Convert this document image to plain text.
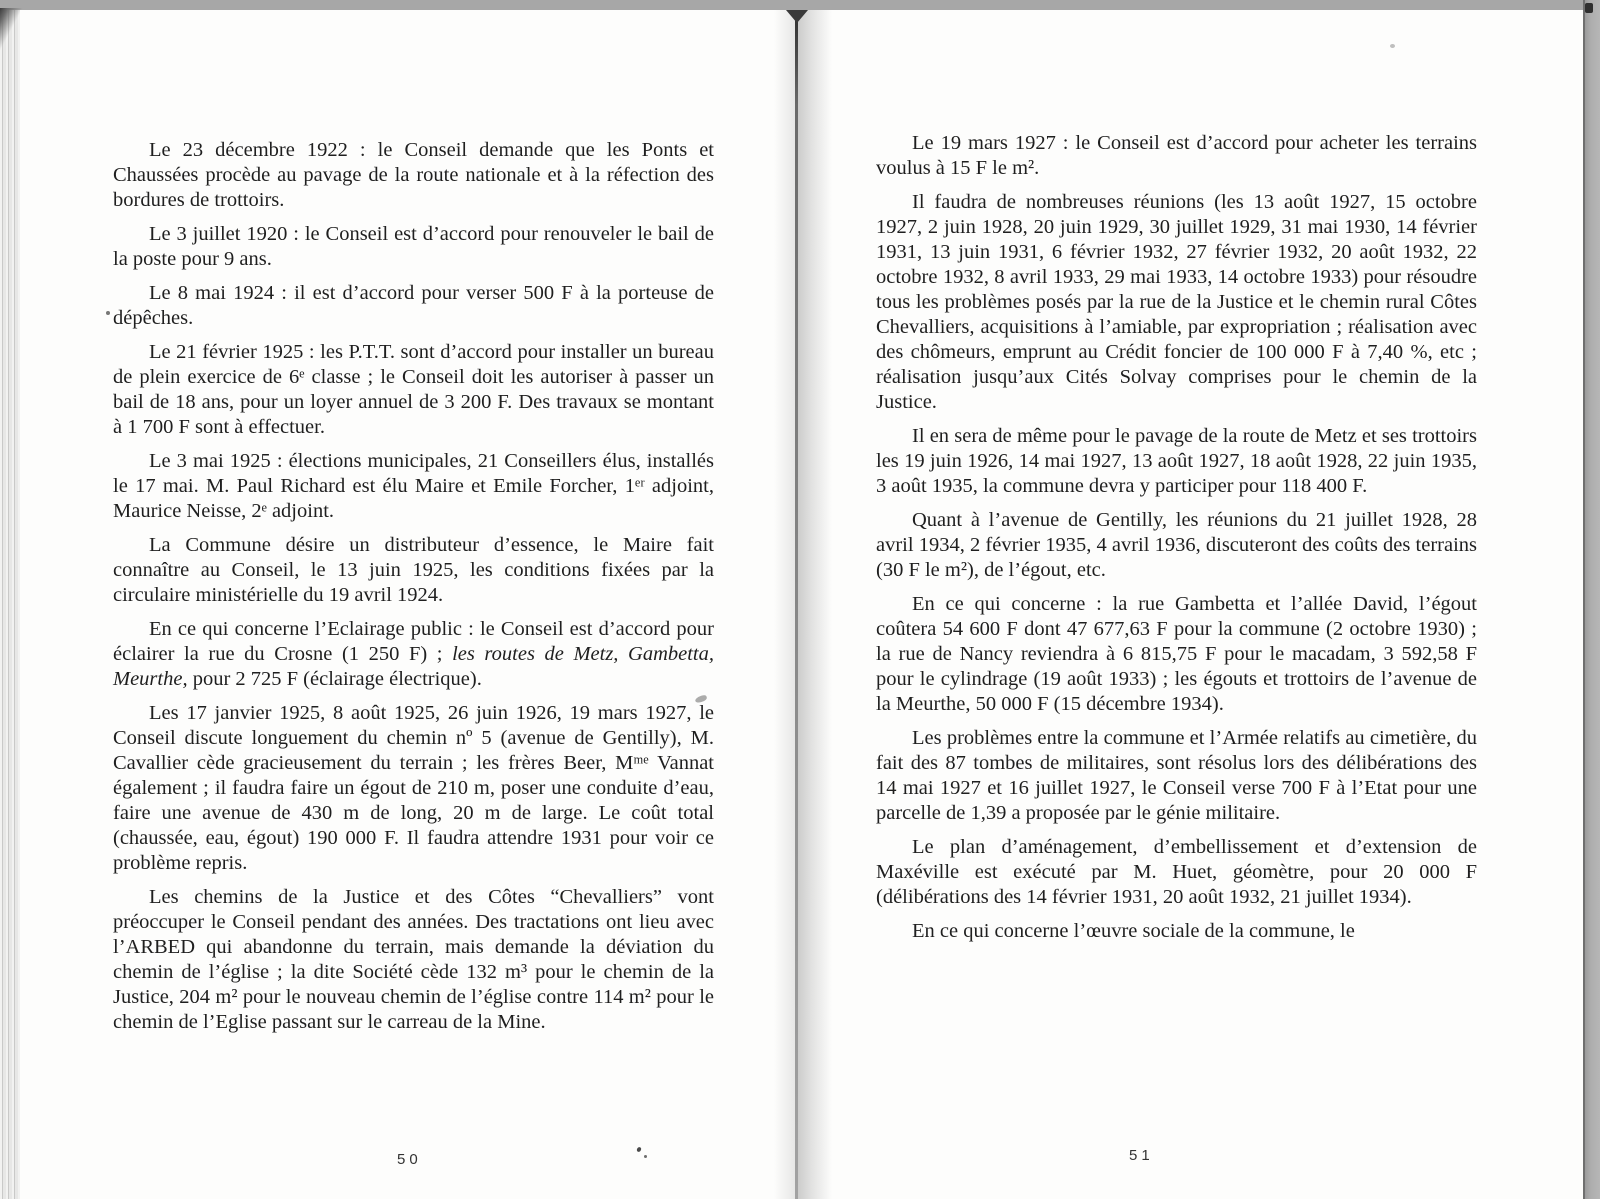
Le 23 décembre 1922 : le Conseil demande que les Ponts et Chaussées procède au pavage de la route nationale et à la réfection des bordures de trottoirs.

Le 3 juillet 1920 : le Conseil est d’accord pour renouveler le bail de la poste pour 9 ans.

Le 8 mai 1924 : il est d’accord pour verser 500 F à la porteuse de dépêches.

Le 21 février 1925 : les P.T.T. sont d’accord pour installer un bureau de plein exercice de 6ᵉ classe ; le Conseil doit les autoriser à passer un bail de 18 ans, pour un loyer annuel de 3 200 F. Des travaux se montant à 1 700 F sont à effectuer.

Le 3 mai 1925 : élections municipales, 21 Conseillers élus, installés le 17 mai. M. Paul Richard est élu Maire et Emile Forcher, 1ᵉʳ adjoint, Maurice Neisse, 2ᵉ adjoint.

La Commune désire un distributeur d’essence, le Maire fait connaître au Conseil, le 13 juin 1925, les conditions fixées par la circulaire ministérielle du 19 avril 1924.

En ce qui concerne l’Eclairage public : le Conseil est d’accord pour éclairer la rue du Crosne (1 250 F) ; les routes de Metz, Gambetta, Meurthe, pour 2 725 F (éclairage électrique).

Les 17 janvier 1925, 8 août 1925, 26 juin 1926, 19 mars 1927, le Conseil discute longuement du chemin nº 5 (avenue de Gentilly), M. Cavallier cède gracieusement du terrain ; les frères Beer, Mᵐᵉ Vannat également ; il faudra faire un égout de 210 m, poser une conduite d’eau, faire une avenue de 430 m de long, 20 m de large. Le coût total (chaussée, eau, égout) 190 000 F. Il faudra attendre 1931 pour voir ce problème repris.

Les chemins de la Justice et des Côtes “Chevalliers” vont préoccuper le Conseil pendant des années. Des tractations ont lieu avec l’ARBED qui abandonne du terrain, mais demande la déviation du chemin de l’église ; la dite Société cède 132 m³ pour le chemin de la Justice, 204 m² pour le nouveau chemin de l’église contre 114 m² pour le chemin de l’Eglise passant sur le carreau de la Mine.

50

Le 19 mars 1927 : le Conseil est d’accord pour acheter les terrains voulus à 15 F le m².

Il faudra de nombreuses réunions (les 13 août 1927, 15 octobre 1927, 2 juin 1928, 20 juin 1929, 30 juillet 1929, 31 mai 1930, 14 février 1931, 13 juin 1931, 6 février 1932, 27 février 1932, 20 août 1932, 22 octobre 1932, 8 avril 1933, 29 mai 1933, 14 octobre 1933) pour résoudre tous les problèmes posés par la rue de la Justice et le chemin rural Côtes Chevalliers, acquisitions à l’amiable, par expropriation ; réalisation avec des chômeurs, emprunt au Crédit foncier de 100 000 F à 7,40 %, etc ; réalisation jusqu’aux Cités Solvay comprises pour le chemin de la Justice.

Il en sera de même pour le pavage de la route de Metz et ses trottoirs les 19 juin 1926, 14 mai 1927, 13 août 1927, 18 août 1928, 22 juin 1935, 3 août 1935, la commune devra y participer pour 118 400 F.

Quant à l’avenue de Gentilly, les réunions du 21 juillet 1928, 28 avril 1934, 2 février 1935, 4 avril 1936, discuteront des coûts des terrains (30 F le m²), de l’égout, etc.

En ce qui concerne : la rue Gambetta et l’allée David, l’égout coûtera 54 600 F dont 47 677,63 F pour la commune (2 octobre 1930) ; la rue de Nancy reviendra à 6 815,75 F pour le macadam, 3 592,58 F pour le cylindrage (19 août 1933) ; les égouts et trottoirs de l’avenue de la Meurthe, 50 000 F (15 décembre 1934).

Les problèmes entre la commune et l’Armée relatifs au cimetière, du fait des 87 tombes de militaires, sont résolus lors des délibérations des 14 mai 1927 et 16 juillet 1927, le Conseil verse 700 F à l’Etat pour une parcelle de 1,39 a proposée par le génie militaire.

Le plan d’aménagement, d’embellissement et d’extension de Maxéville est exécuté par M. Huet, géomètre, pour 20 000 F (délibérations des 14 février 1931, 20 août 1932, 21 juillet 1934).

En ce qui concerne l’œuvre sociale de la commune, le

51
